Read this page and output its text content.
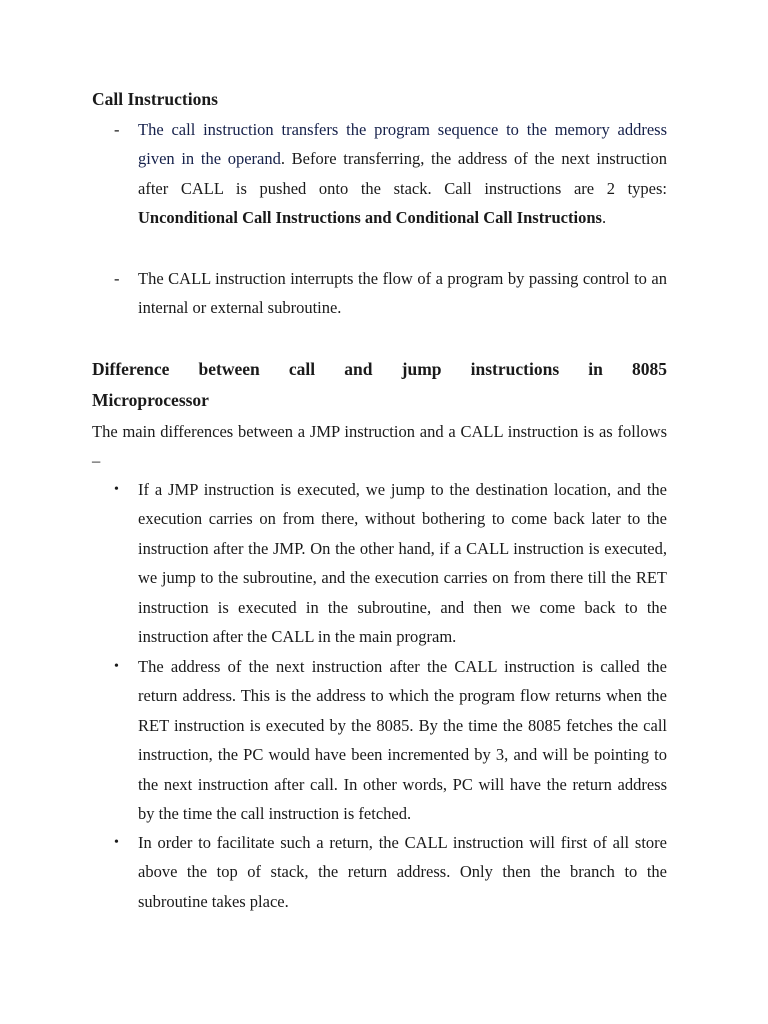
Call Instructions
- The call instruction transfers the program sequence to the memory address given in the operand. Before transferring, the address of the next instruction after CALL is pushed onto the stack. Call instructions are 2 types: Unconditional Call Instructions and Conditional Call Instructions.

- The CALL instruction interrupts the flow of a program by passing control to an internal or external subroutine.

Difference between call and jump instructions in 8085
Microprocessor

The main differences between a JMP instruction and a CALL instruction is as follows –

• If a JMP instruction is executed, we jump to the destination location, and the execution carries on from there, without bothering to come back later to the instruction after the JMP. On the other hand, if a CALL instruction is executed, we jump to the subroutine, and the execution carries on from there till the RET instruction is executed in the subroutine, and then we come back to the instruction after the CALL in the main program.

• The address of the next instruction after the CALL instruction is called the return address. This is the address to which the program flow returns when the RET instruction is executed by the 8085. By the time the 8085 fetches the call instruction, the PC would have been incremented by 3, and will be pointing to the next instruction after call. In other words, PC will have the return address by the time the call instruction is fetched.

• In order to facilitate such a return, the CALL instruction will first of all store above the top of stack, the return address. Only then the branch to the subroutine takes place.
